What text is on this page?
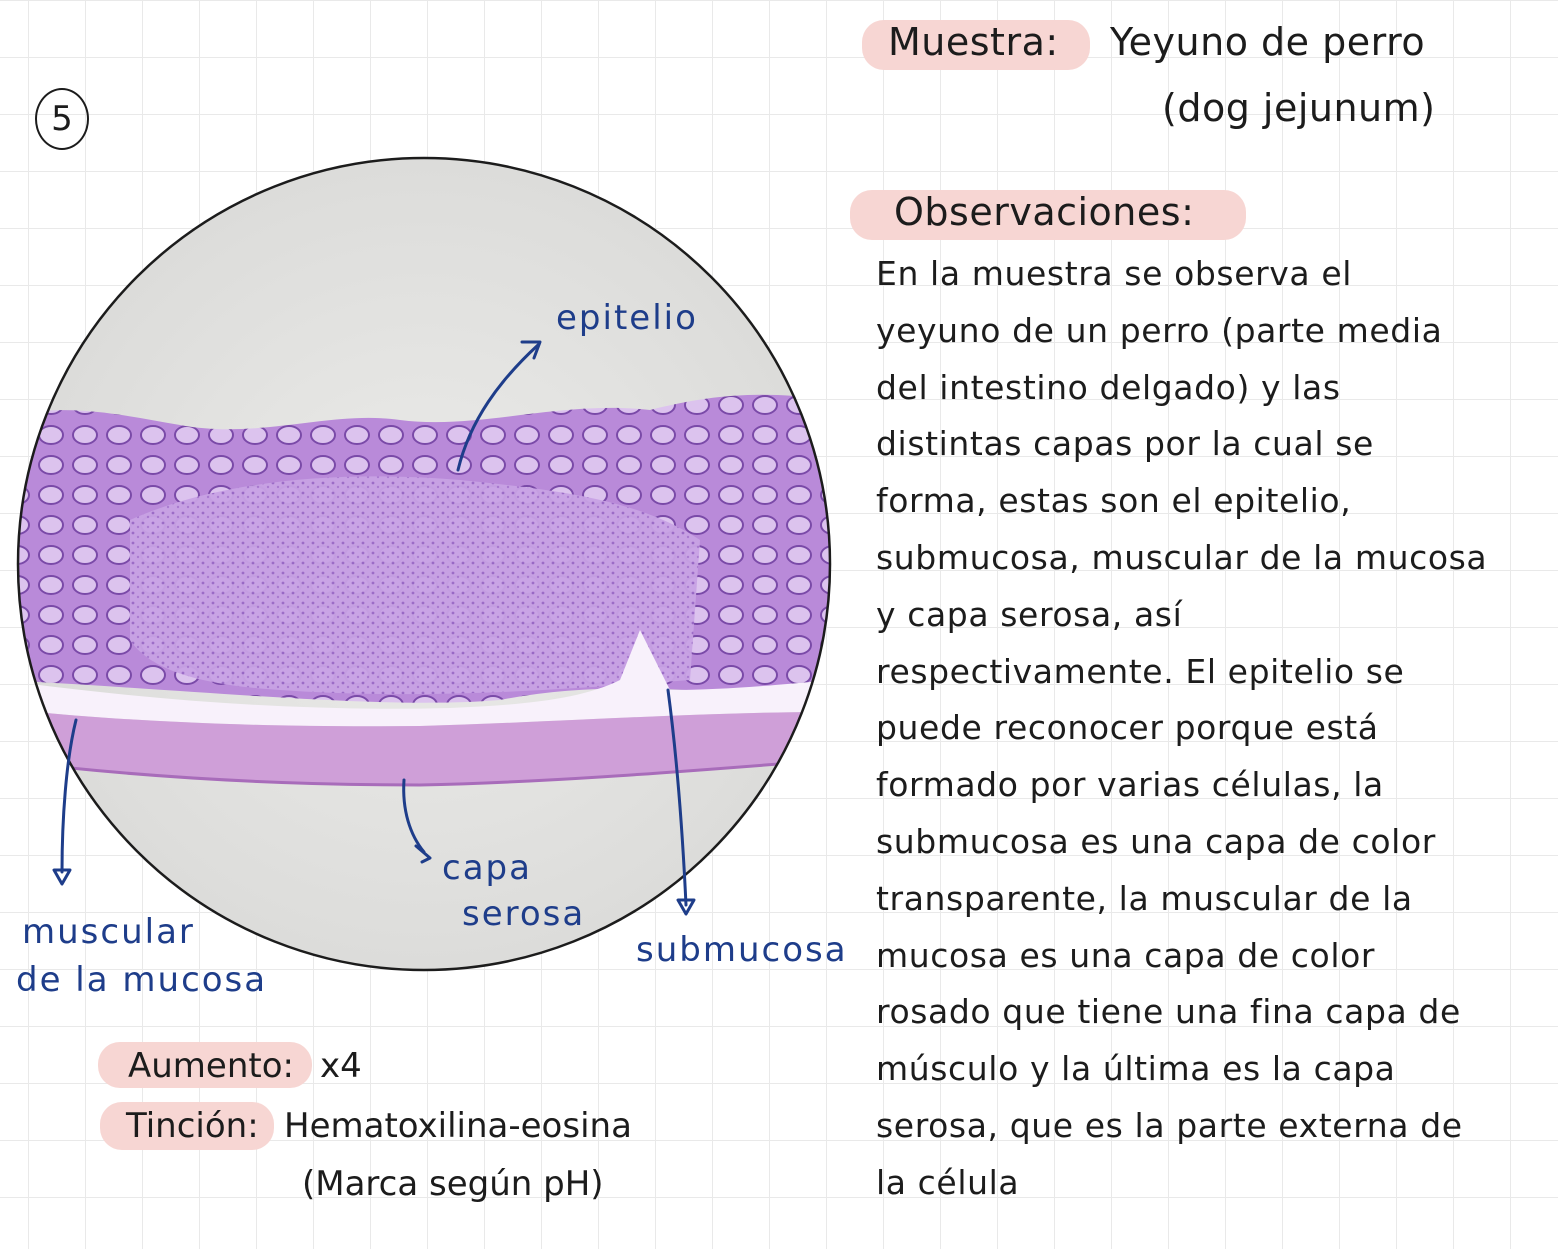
5
epitelio
muscular
de la mucosa
capa
serosa
submucosa
Muestra: Yeyuno de perro
(dog jejunum)
Observaciones:
En la muestra se observa el
yeyuno de un perro (parte media
del intestino delgado) y las
distintas capas por la cual se
forma, estas son el epitelio,
submucosa, muscular de la mucosa
y capa serosa, así
respectivamente. El epitelio se
puede reconocer porque está
formado por varias células, la
submucosa es una capa de color
transparente, la muscular de la
mucosa es una capa de color
rosado que tiene una fina capa de
músculo y la última es la capa
serosa, que es la parte externa de
la célula
Aumento: x4
Tinción: Hematoxilina-eosina
(Marca según pH)
